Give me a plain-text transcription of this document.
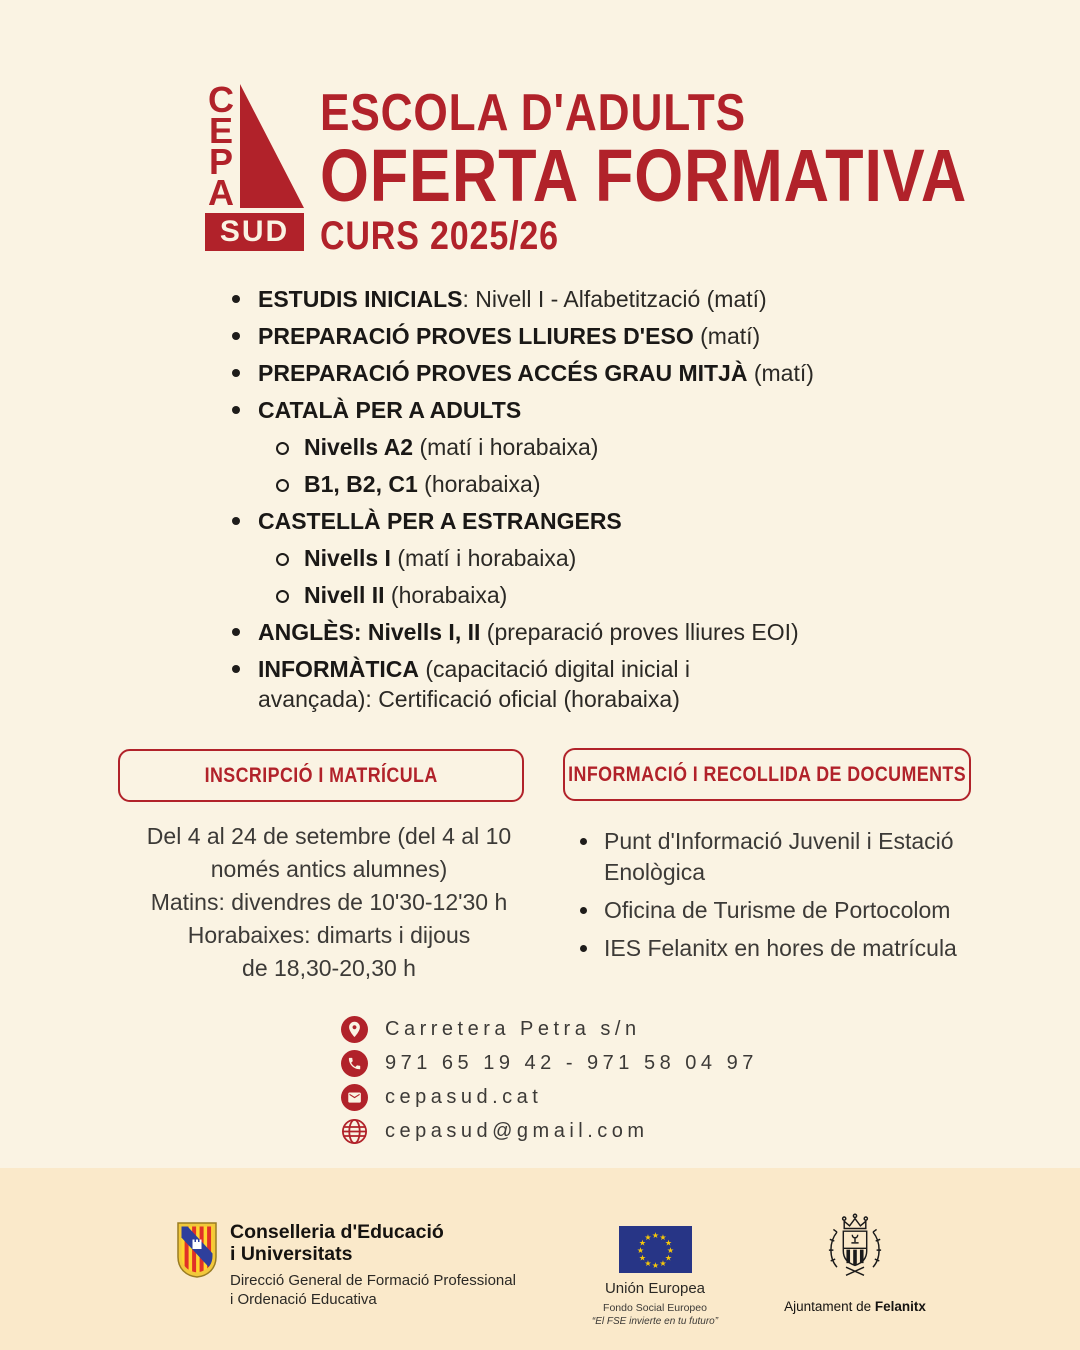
C
E
P
A
SUD
ESCOLA D'ADULTS
OFERTA FORMATIVA
CURS 2025/26
ESTUDIS INICIALS: Nivell I - Alfabetització (matí)
PREPARACIÓ PROVES LLIURES D'ESO (matí)
PREPARACIÓ PROVES ACCÉS GRAU MITJÀ (matí)
CATALÀ PER A ADULTS
Nivells A2 (matí i horabaixa)
B1, B2, C1 (horabaixa)
CASTELLÀ PER A ESTRANGERS
Nivells I (matí i horabaixa)
Nivell II (horabaixa)
ANGLÈS: Nivells I, II (preparació proves lliures EOI)
INFORMÀTICA (capacitació digital inicial i
avançada): Certificació oficial (horabaixa)
INSCRIPCIÓ I MATRÍCULA	INFORMACIÓ I RECOLLIDA DE DOCUMENTS
Del 4 al 24 de setembre (del 4 al 10
només antics alumnes)
Matins: divendres de 10'30-12'30 h
Horabaixes: dimarts i dijous
de 18,30-20,30 h
Punt d'Informació Juvenil i Estació Enològica
Oficina de Turisme de Portocolom
IES Felanitx en hores de matrícula
Carretera Petra s/n
971 65 19 42 - 971 58 04 97
cepasud.cat
cepasud@gmail.com
Conselleria d'Educació
i Universitats
Direcció General de Formació Professional
i Ordenació Educativa
★ ★
★
★
★
★
★
★
★
★
★
★
Unión Europea
Fondo Social Europeo
“El FSE invierte en tu futuro”
Ajuntament de Felanitx
